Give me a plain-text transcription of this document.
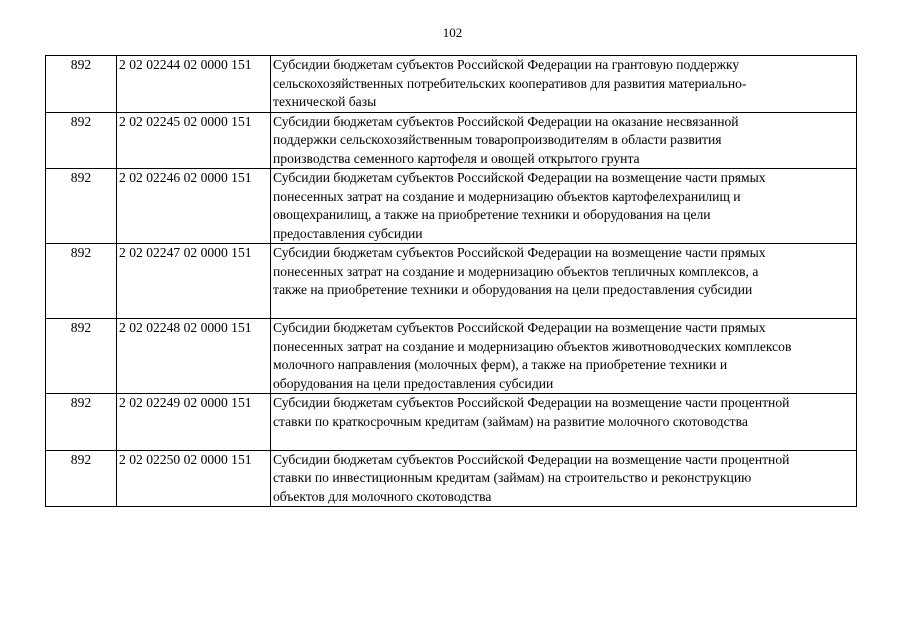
102
892	2 02 02244 02 0000 151	Субсидии бюджетам субъектов Российской Федерации на грантовую поддержку
сельскохозяйственных потребительских кооперативов для развития материально-
технической базы

892	2 02 02245 02 0000 151	Субсидии бюджетам субъектов Российской Федерации на оказание несвязанной
поддержки сельскохозяйственным товаропроизводителям в области развития
производства семенного картофеля и овощей открытого грунта

892	2 02 02246 02 0000 151	Субсидии бюджетам субъектов Российской Федерации на возмещение части прямых
понесенных затрат на создание и модернизацию объектов картофелехранилищ и
овощехранилищ, а также на приобретение техники и оборудования на цели
предоставления субсидии

892	2 02 02247 02 0000 151	Субсидии бюджетам субъектов Российской Федерации на возмещение части прямых
понесенных затрат на создание и модернизацию объектов тепличных комплексов, а
также на приобретение техники и оборудования на цели предоставления субсидии

892	2 02 02248 02 0000 151	Субсидии бюджетам субъектов Российской Федерации на возмещение части прямых
понесенных затрат на создание и модернизацию объектов животноводческих комплексов
молочного направления (молочных ферм), а также на приобретение техники и
оборудования на цели предоставления субсидии

892	2 02 02249 02 0000 151	Субсидии бюджетам субъектов Российской Федерации на возмещение части процентной
ставки по краткосрочным кредитам (займам) на развитие молочного скотоводства

892	2 02 02250 02 0000 151	Субсидии бюджетам субъектов Российской Федерации на возмещение части процентной
ставки по инвестиционным кредитам (займам) на строительство и реконструкцию
объектов для молочного скотоводства
